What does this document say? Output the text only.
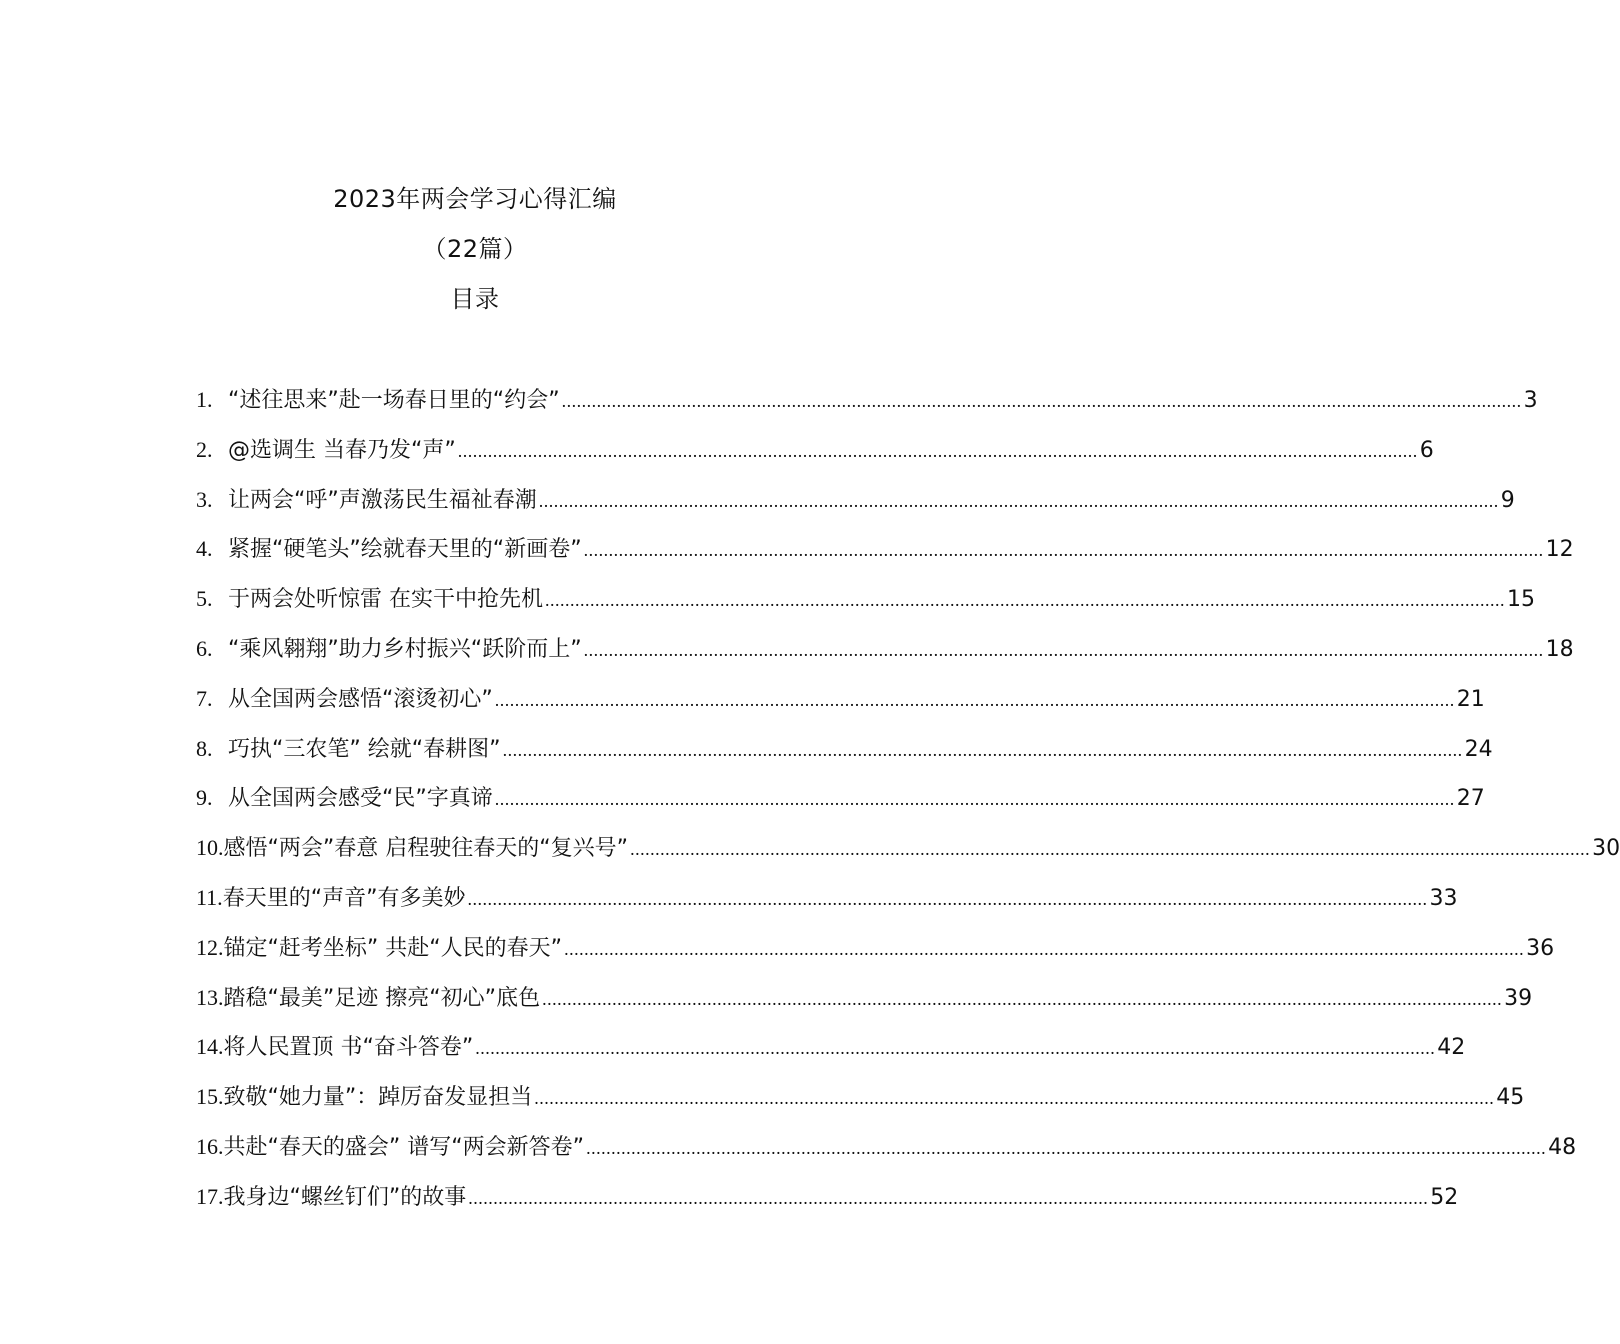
2023年两会学习心得汇编
（22篇）
目录
1. “述往思来”赴一场春日里的“约会” .....	3
2. @选调生 当春乃发“声” .....	6
3. 让两会“呼”声激荡民生福祉春潮 .....	9
4. 紧握“硬笔头”绘就春天里的“新画卷” .....	12
5. 于两会处听惊雷 在实干中抢先机 .....	15
6. “乘风翱翔”助力乡村振兴“跃阶而上” .....	18
7. 从全国两会感悟“滚烫初心” .....	21
8. 巧执“三农笔” 绘就“春耕图” .....	24
9. 从全国两会感受“民”字真谛 .....	27
10. 感悟“两会”春意 启程驶往春天的“复兴号” .....	30
11. 春天里的“声音”有多美妙 .....	33
12. 锚定“赶考坐标” 共赴“人民的春天” .....	36
13. 踏稳“最美”足迹 擦亮“初心”底色 .....	39
14. 将人民置顶 书“奋斗答卷” .....	42
15. 致敬“她力量”：踔厉奋发显担当 .....	45
16. 共赴“春天的盛会” 谱写“两会新答卷” .....	48
17. 我身边“螺丝钉们”的故事 .....	52
